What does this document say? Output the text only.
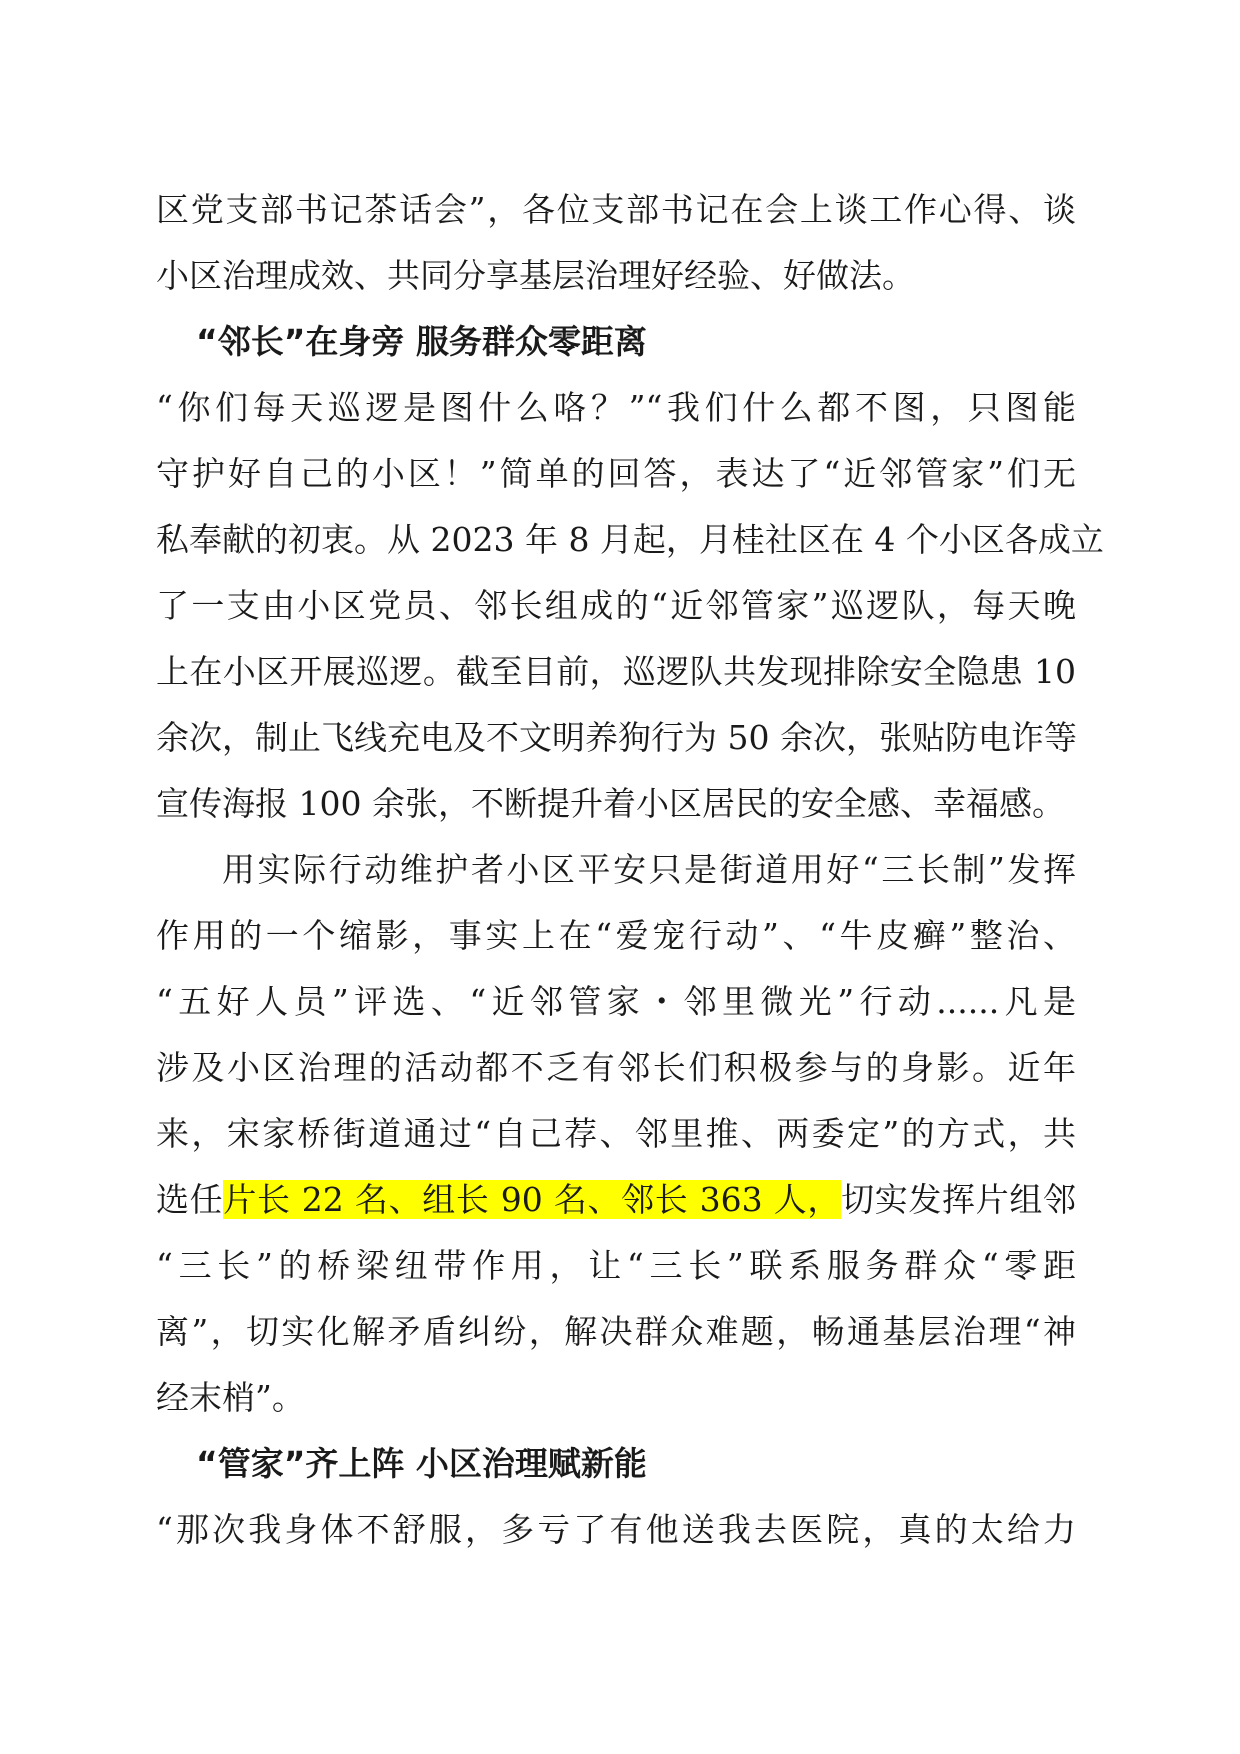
区党支部书记茶话会”，各位支部书记在会上谈工作心得、谈
小区治理成效、共同分享基层治理好经验、好做法。
“邻长”在身旁 服务群众零距离
“你们每天巡逻是图什么咯？”“我们什么都不图，只图能
守护好自己的小区！”简单的回答，表达了“近邻管家”们无
私奉献的初衷。从 2023 年 8 月起，月桂社区在 4 个小区各成立
了一支由小区党员、邻长组成的“近邻管家”巡逻队，每天晚
上在小区开展巡逻。截至目前，巡逻队共发现排除安全隐患 10
余次，制止飞线充电及不文明养狗行为 50 余次，张贴防电诈等
宣传海报 100 余张，不断提升着小区居民的安全感、幸福感。
用实际行动维护者小区平安只是街道用好“三长制”发挥
作用的一个缩影，事实上在“爱宠行动”、“牛皮癣”整治、
“五好人员”评选、“近邻管家・邻里微光”行动......凡是
涉及小区治理的活动都不乏有邻长们积极参与的身影。近年
来，宋家桥街道通过“自己荐、邻里推、两委定”的方式，共
选任片长 22 名、组长 90 名、邻长 363 人，切实发挥片组邻
“三长”的桥梁纽带作用，让“三长”联系服务群众“零距
离”，切实化解矛盾纠纷，解决群众难题，畅通基层治理“神
经末梢”。
“管家”齐上阵 小区治理赋新能
“那次我身体不舒服，多亏了有他送我去医院，真的太给力
